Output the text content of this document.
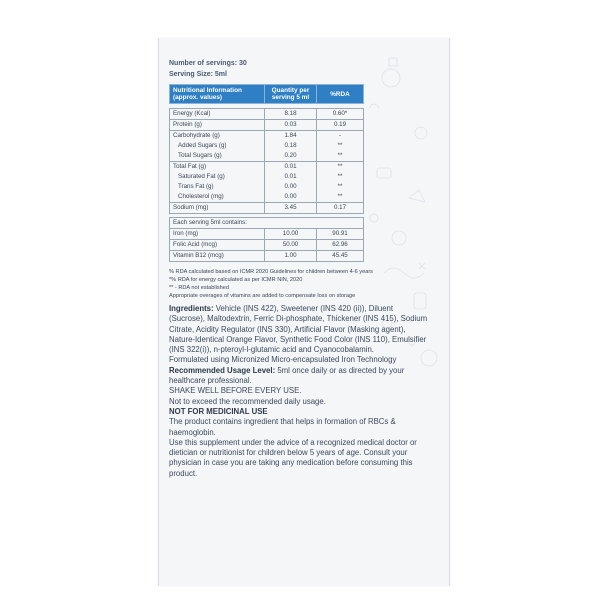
Number of servings: 30
Serving Size: 5ml
Nutritional Information (approx. values)	Quantity per serving 5 ml	%RDA

Energy (Kcal)	8.18	0.60*
Protein (g)	0.03	0.19
Carbohydrate (g)	1.84	-
Added Sugars (g)	0.18	**
Total Sugars (g)	0.20	**
Total Fat (g)	0.01	**
Saturated Fat (g)	0.01	**
Trans Fat (g)	0.00	**
Cholesterol (mg)	0.00	**
Sodium (mg)	3.45	0.17

Each serving 5ml contains:		
Iron (mg)	10.00	90.91
Folic Acid (mcg)	50.00	62.96
Vitamin B12 (mcg)	1.00	45.45
% RDA calculated based on ICMR 2020 Guidelines for children between 4-6 years
*% RDA for energy calculated as per ICMR NIN, 2020
** - RDA not established
Appropriate overages of vitamins are added to compensate loss on storage

Ingredients: Vehicle (INS 422), Sweetener (INS 420 (ii)), Diluent (Sucrose), Maltodextrin, Ferric Di-phosphate, Thickener (INS 415), Sodium Citrate, Acidity Regulator (INS 330), Artificial Flavor (Masking agent), Nature-Identical Orange Flavor, Synthetic Food Color (INS 110), Emulsifier (INS 322(i)), n-pteroyl-l-glutamic acid and Cyanocobalamin.

Formulated using Micronized Micro-encapsulated Iron Technology

Recommended Usage Level: 5ml once daily or as directed by your healthcare professional.

SHAKE WELL BEFORE EVERY USE.

Not to exceed the recommended daily usage.

NOT FOR MEDICINAL USE

The product contains ingredient that helps in formation of RBCs & haemoglobin.

Use this supplement under the advice of a recognized medical doctor or dietician or nutritionist for children below 5 years of age. Consult your physician in case you are taking any medication before consuming this product.
